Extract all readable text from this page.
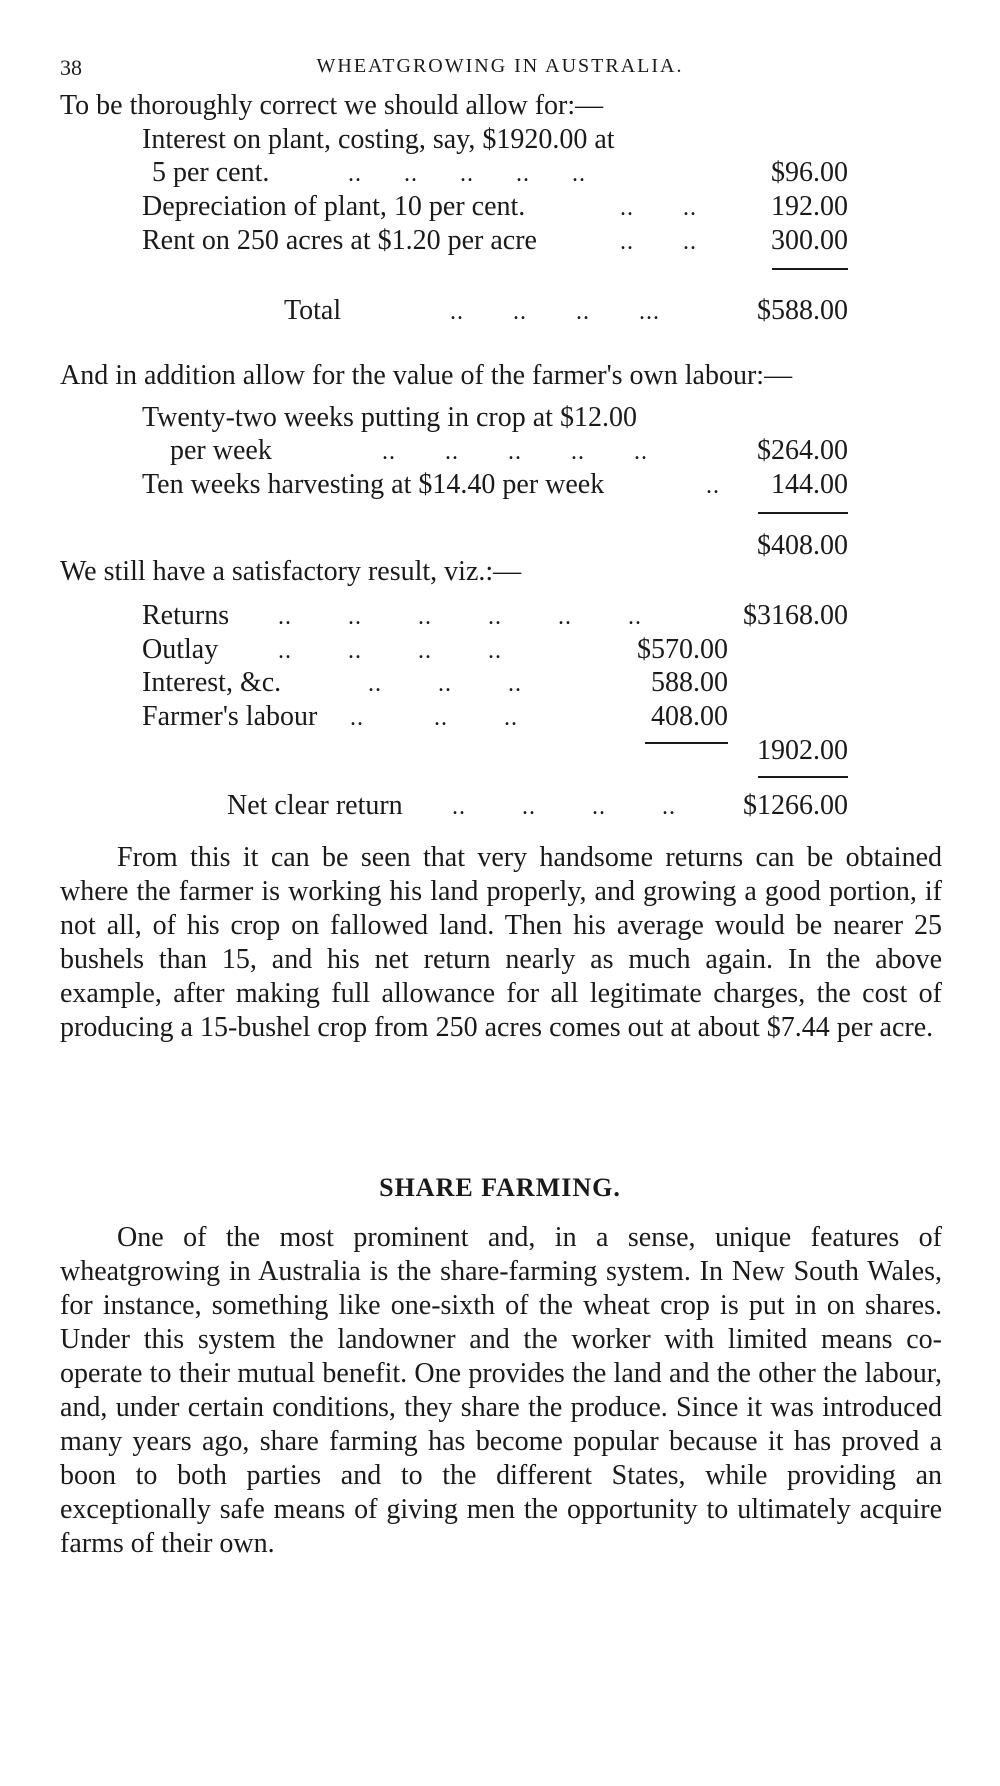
38	WHEATGROWING IN AUSTRALIA.
To be thoroughly correct we should allow for:—
Interest on plant, costing, say, $1920.00 at
5 per cent.	..      ..      ..      ..      ..	$96.00
Depreciation of plant, 10 per cent.	..       ..	192.00
Rent on 250 acres at $1.20 per acre	..       ..	300.00
Total	..       ..       ..       ...	$588.00
And in addition allow for the value of the farmer's own labour:—
Twenty-two weeks putting in crop at $12.00
per week	..       ..       ..       ..       ..	$264.00
Ten weeks harvesting at $14.40 per week	.. 144.00
$408.00
We still have a satisfactory result, viz.:—
Returns ..        ..        ..        ..        ..        ..	$3168.00
Outlay ..        ..        ..        ..	$570.00
Interest, &c.	..        ..        ..	588.00
Farmer's labour ..          ..        ..	408.00
1902.00
Net clear return ..        ..        ..        .. $1266.00
From this it can be seen that very handsome returns can be obtained where the farmer is working his land properly, and growing a good portion, if not all, of his crop on fallowed land. Then his average would be nearer 25 bushels than 15, and his net return nearly as much again. In the above example, after making full allowance for all legitimate charges, the cost of producing a 15-bushel crop from 250 acres comes out at about $7.44 per acre.
SHARE FARMING.
One of the most prominent and, in a sense, unique features of wheatgrowing in Australia is the share-farming system. In New South Wales, for instance, something like one-sixth of the wheat crop is put in on shares. Under this system the landowner and the worker with limited means co-operate to their mutual benefit. One provides the land and the other the labour, and, under certain conditions, they share the produce. Since it was introduced many years ago, share farming has become popular because it has proved a boon to both parties and to the different States, while providing an exceptionally safe means of giving men the opportunity to ultimately acquire farms of their own.
